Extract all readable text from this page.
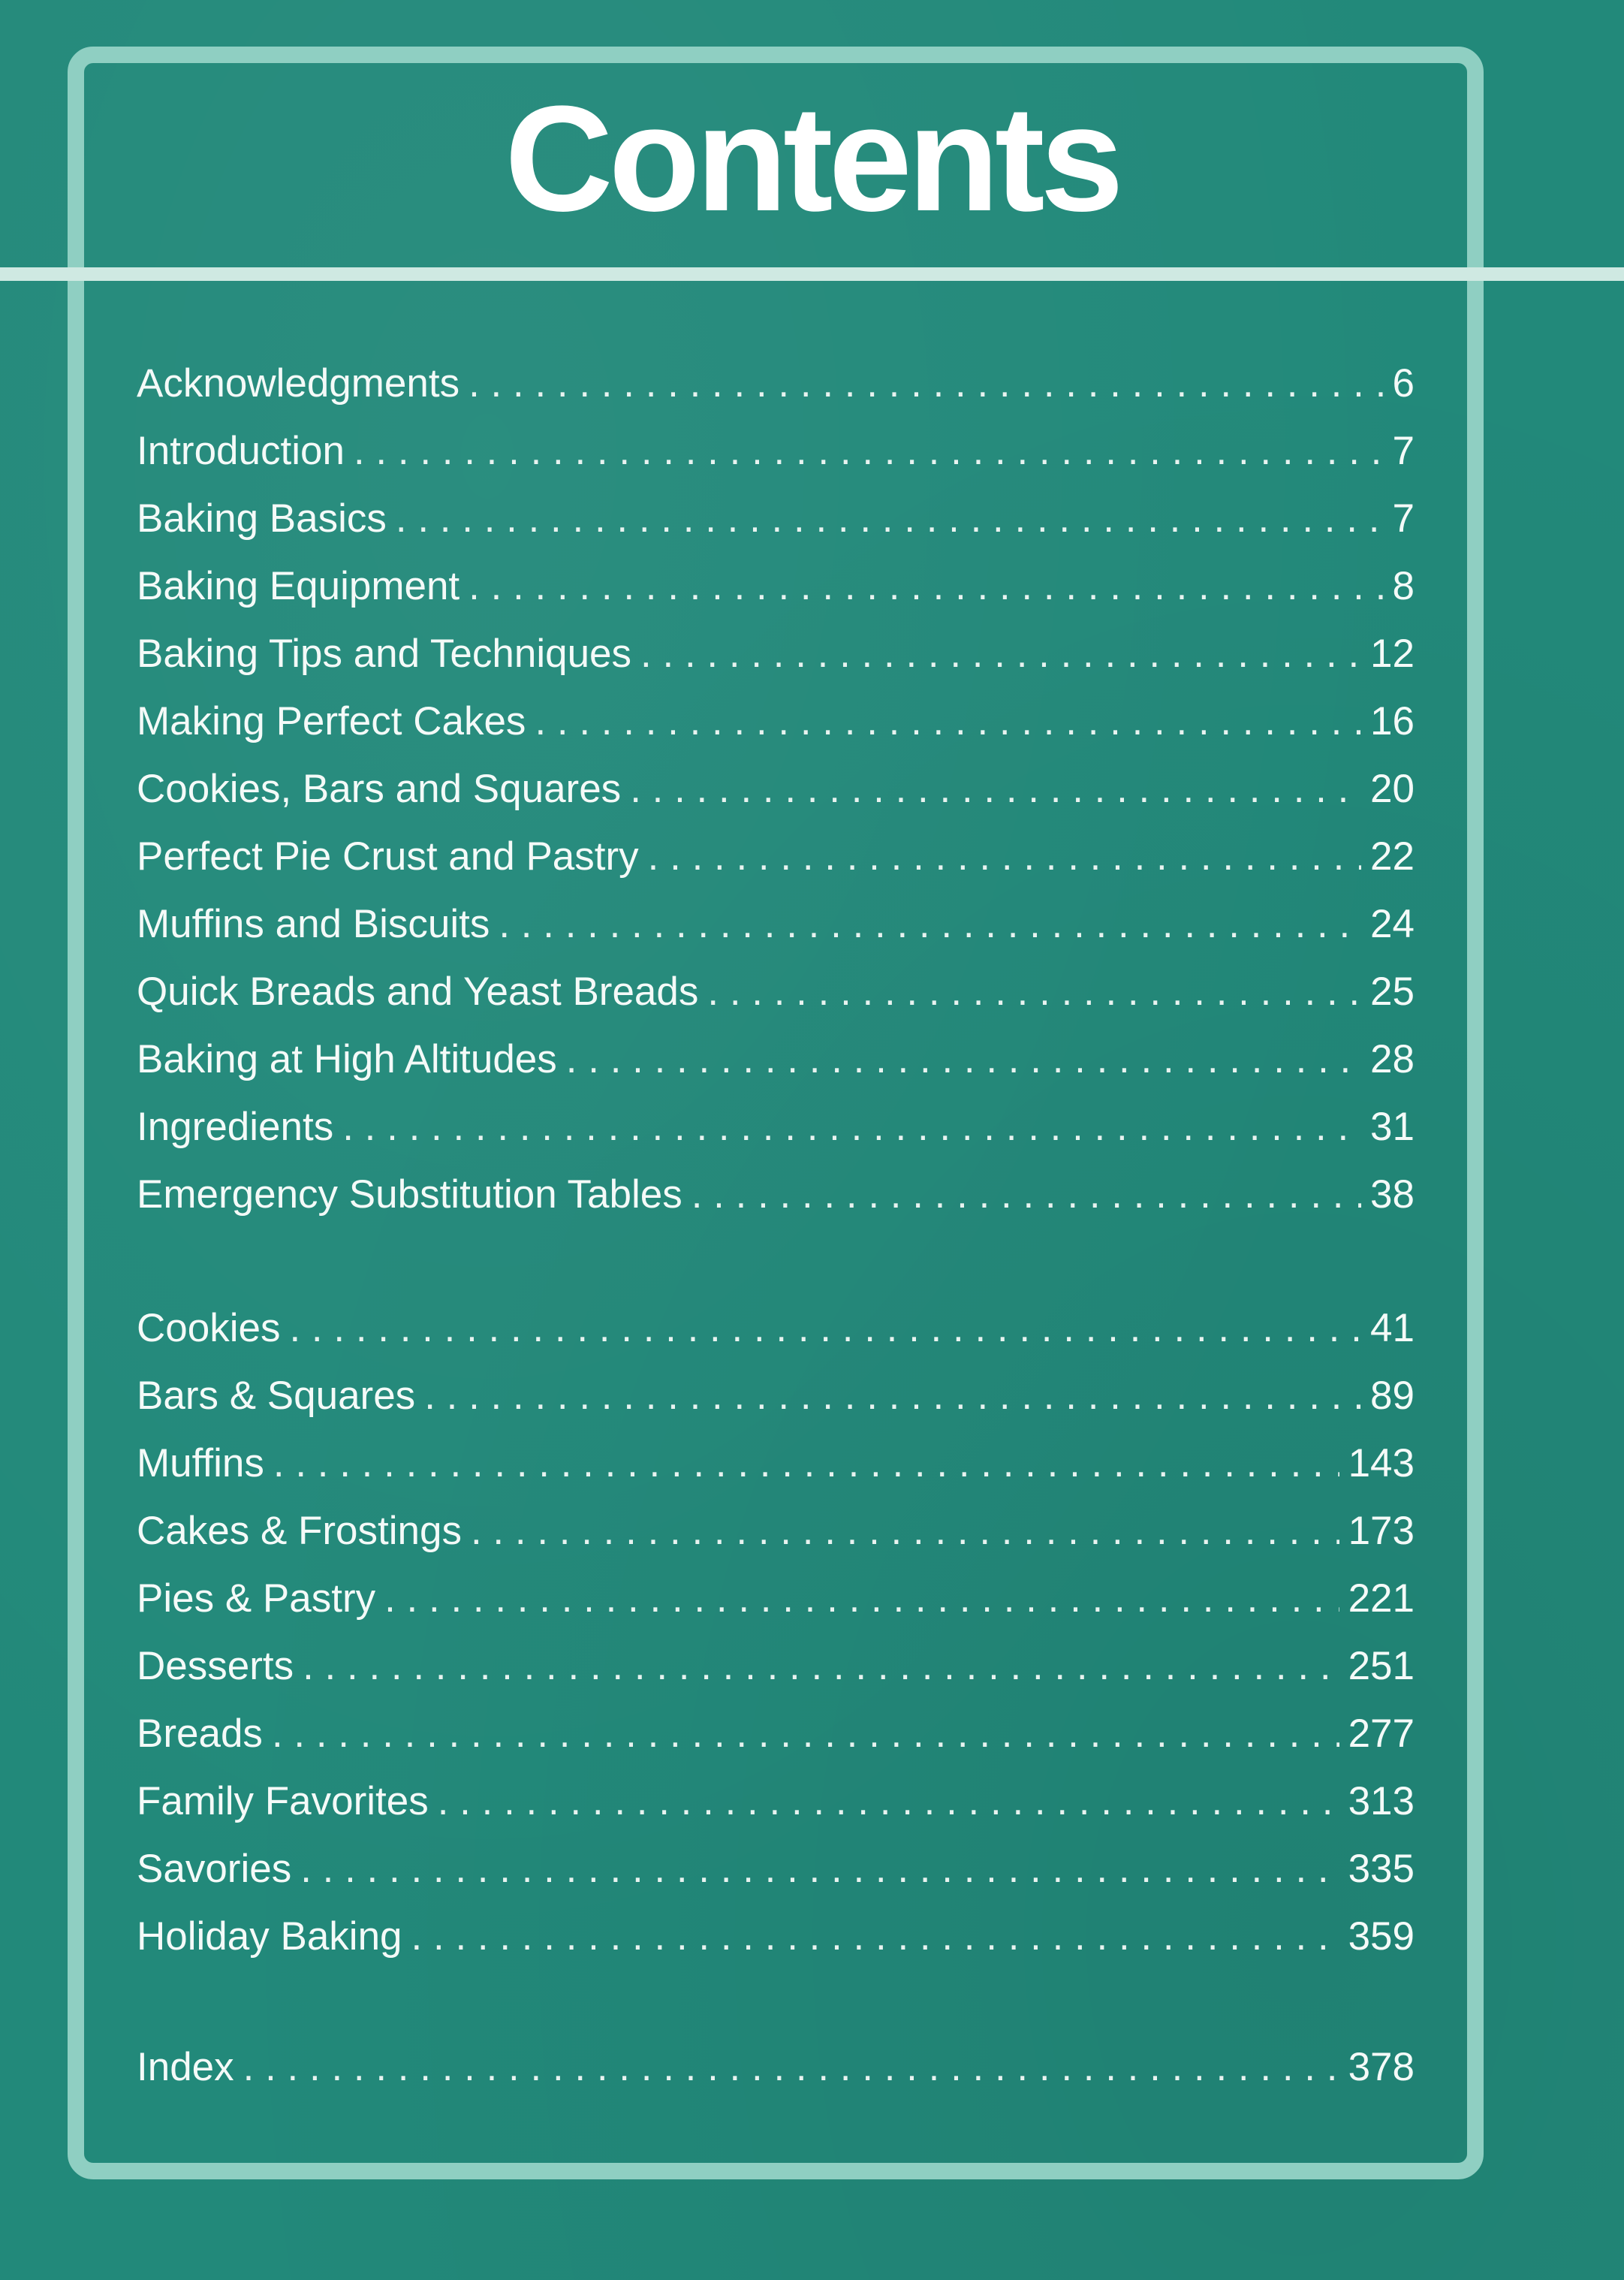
Contents
Acknowledgments . . .	6
Introduction . . .	7
Baking Basics . . .	7
Baking Equipment . . .	8
Baking Tips and Techniques . . .	12
Making Perfect Cakes . . .	16
Cookies, Bars and Squares . . .	20
Perfect Pie Crust and Pastry . . .	22
Muffins and Biscuits . . .	24
Quick Breads and Yeast Breads . . .	25
Baking at High Altitudes . . .	28
Ingredients . . .	31
Emergency Substitution Tables . . .	38
Cookies . . .	41
Bars & Squares . . .	89
Muffins . . .	143
Cakes & Frostings . . .	173
Pies & Pastry . . .	221
Desserts . . .	251
Breads . . .	277
Family Favorites . . .	313
Savories . . .	335
Holiday Baking . . .	359
Index . . .	378
